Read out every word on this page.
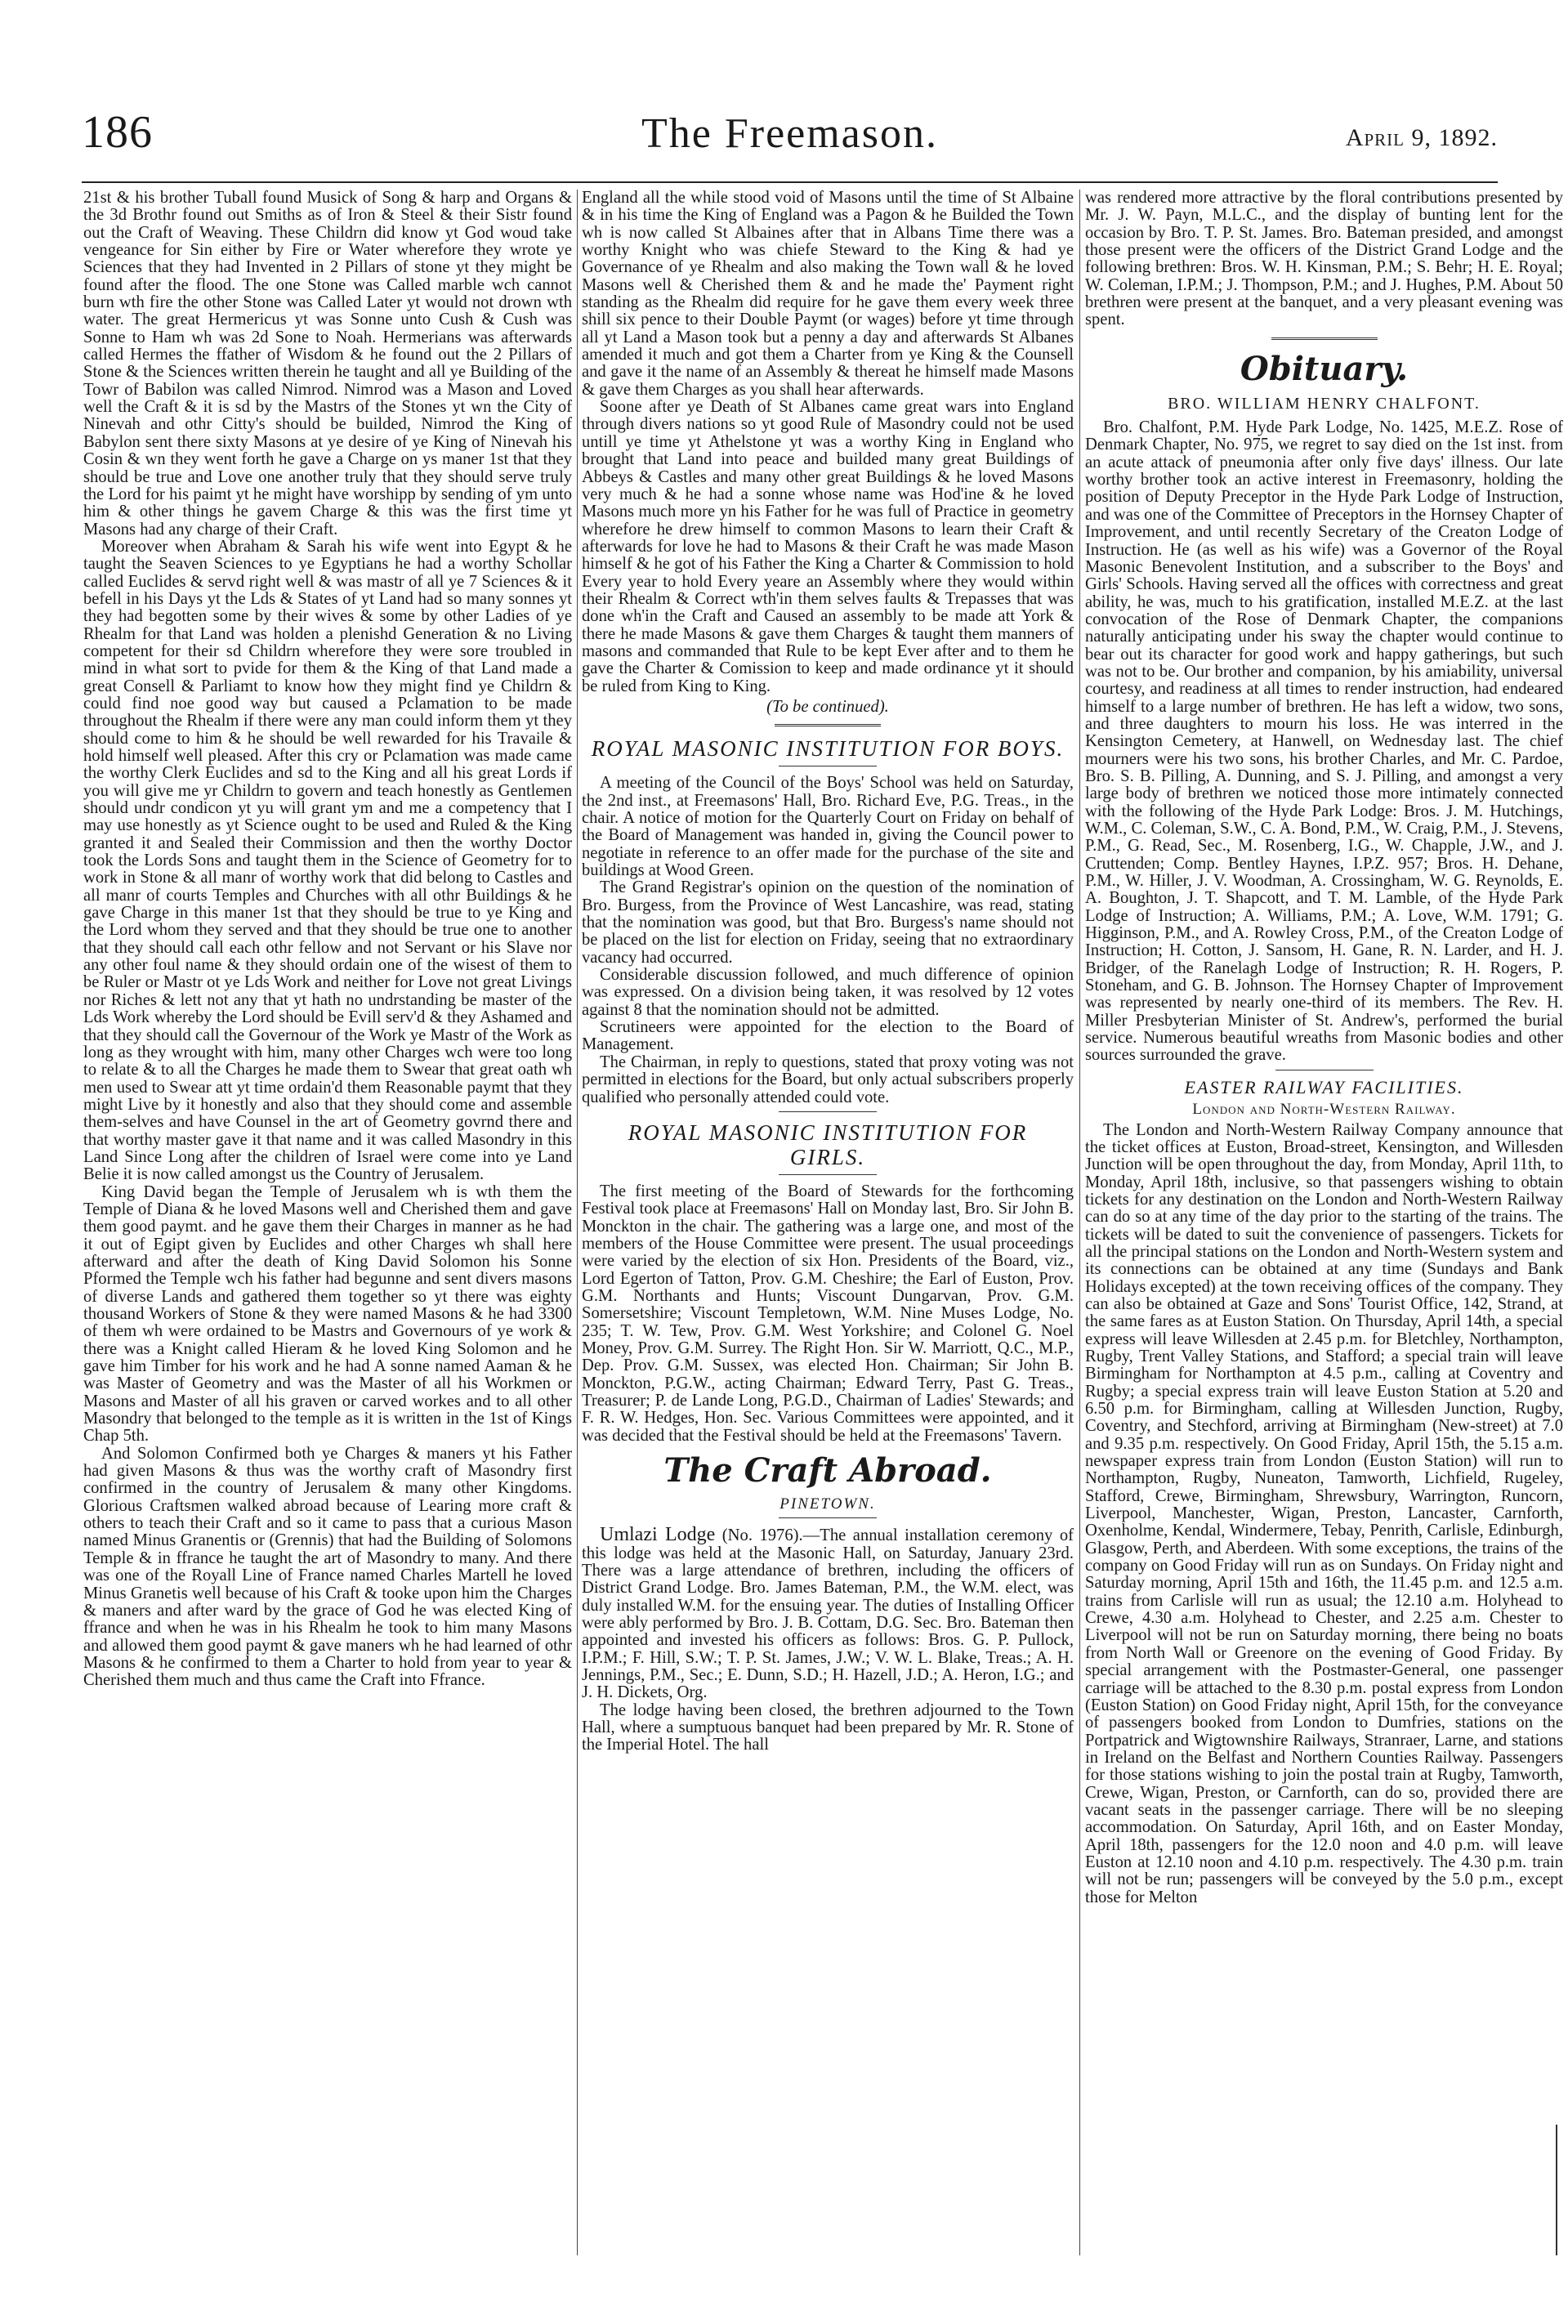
186	The Freemason.	April 9, 1892.

21st & his brother Tuball found Musick of Song & harp and Organs & the 3d Brothr found out Smiths as of Iron & Steel & their Sistr found out the Craft of Weaving. These Childrn did know yt God woud take vengeance for Sin either by Fire or Water wherefore they wrote ye Sciences that they had Invented in 2 Pillars of stone yt they might be found after the flood. The one Stone was Called marble wch cannot burn wth fire the other Stone was Called Later yt would not drown wth water. The great Hermericus yt was Sonne unto Cush & Cush was Sonne to Ham wh was 2d Sone to Noah. Hermerians was afterwards called Hermes the ffather of Wisdom & he found out the 2 Pillars of Stone & the Sciences written therein he taught and all ye Building of the Towr of Babilon was called Nimrod. Nimrod was a Mason and Loved well the Craft & it is sd by the Mastrs of the Stones yt wn the City of Ninevah and othr Citty's should be builded, Nimrod the King of Babylon sent there sixty Masons at ye desire of ye King of Ninevah his Cosin & wn they went forth he gave a Charge on ys maner 1st that they should be true and Love one another truly that they should serve truly the Lord for his paimt yt he might have worshipp by sending of ym unto him & other things he gavem Charge & this was the first time yt Masons had any charge of their Craft.

Moreover when Abraham & Sarah his wife went into Egypt & he taught the Seaven Sciences to ye Egyptians he had a worthy Schollar called Euclides & servd right well & was mastr of all ye 7 Sciences & it befell in his Days yt the Lds & States of yt Land had so many sonnes yt they had begotten some by their wives & some by other Ladies of ye Rhealm for that Land was holden a plenishd Generation & no Living competent for their sd Childrn wherefore they were sore troubled in mind in what sort to pvide for them & the King of that Land made a great Consell & Parliamt to know how they might find ye Childrn & could find noe good way but caused a Pclamation to be made throughout the Rhealm if there were any man could inform them yt they should come to him & he should be well rewarded for his Travaile & hold himself well pleased. After this cry or Pclamation was made came the worthy Clerk Euclides and sd to the King and all his great Lords if you will give me yr Childrn to govern and teach honestly as Gentlemen should undr condicon yt yu will grant ym and me a competency that I may use honestly as yt Science ought to be used and Ruled & the King granted it and Sealed their Commission and then the worthy Doctor took the Lords Sons and taught them in the Science of Geometry for to work in Stone & all manr of worthy work that did belong to Castles and all manr of courts Temples and Churches with all othr Buildings & he gave Charge in this maner 1st that they should be true to ye King and the Lord whom they served and that they should be true one to another that they should call each othr fellow and not Servant or his Slave nor any other foul name & they should ordain one of the wisest of them to be Ruler or Mastr ot ye Lds Work and neither for Love not great Livings nor Riches & lett not any that yt hath no undrstanding be master of the Lds Work whereby the Lord should be Evill serv'd & they Ashamed and that they should call the Governour of the Work ye Mastr of the Work as long as they wrought with him, many other Charges wch were too long to relate & to all the Charges he made them to Swear that great oath wh men used to Swear att yt time ordain'd them Reasonable paymt that they might Live by it honestly and also that they should come and assemble them-selves and have Counsel in the art of Geometry govrnd there and that worthy master gave it that name and it was called Masondry in this Land Since Long after the children of Israel were come into ye Land Belie it is now called amongst us the Country of Jerusalem.

King David began the Temple of Jerusalem wh is wth them the Temple of Diana & he loved Masons well and Cherished them and gave them good paymt. and he gave them their Charges in manner as he had it out of Egipt given by Euclides and other Charges wh shall here afterward and after the death of King David Solomon his Sonne Pformed the Temple wch his father had begunne and sent divers masons of diverse Lands and gathered them together so yt there was eighty thousand Workers of Stone & they were named Masons & he had 3300 of them wh were ordained to be Mastrs and Governours of ye work & there was a Knight called Hieram & he loved King Solomon and he gave him Timber for his work and he had A sonne named Aaman & he was Master of Geometry and was the Master of all his Workmen or Masons and Master of all his graven or carved workes and to all other Masondry that belonged to the temple as it is written in the 1st of Kings Chap 5th.

And Solomon Confirmed both ye Charges & maners yt his Father had given Masons & thus was the worthy craft of Masondry first confirmed in the country of Jerusalem & many other Kingdoms. Glorious Craftsmen walked abroad because of Learing more craft & others to teach their Craft and so it came to pass that a curious Mason named Minus Granentis or (Grennis) that had the Building of Solomons Temple & in ffrance he taught the art of Masondry to many. And there was one of the Royall Line of France named Charles Martell he loved Minus Granetis well because of his Craft & tooke upon him the Charges & maners and after ward by the grace of God he was elected King of ffrance and when he was in his Rhealm he took to him many Masons and allowed them good paymt & gave maners wh he had learned of othr Masons & he confirmed to them a Charter to hold from year to year & Cherished them much and thus came the Craft into Ffrance.

England all the while stood void of Masons until the time of St Albaine & in his time the King of England was a Pagon & he Builded the Town wh is now called St Albaines after that in Albans Time there was a worthy Knight who was chiefe Steward to the King & had ye Governance of ye Rhealm and also making the Town wall & he loved Masons well & Cherished them & and he made the' Payment right standing as the Rhealm did require for he gave them every week three shill six pence to their Double Paymt (or wages) before yt time through all yt Land a Mason took but a penny a day and afterwards St Albanes amended it much and got them a Charter from ye King & the Counsell and gave it the name of an Assembly & thereat he himself made Masons & gave them Charges as you shall hear afterwards.

Soone after ye Death of St Albanes came great wars into England through divers nations so yt good Rule of Masondry could not be used untill ye time yt Athelstone yt was a worthy King in England who brought that Land into peace and builded many great Buildings of Abbeys & Castles and many other great Buildings & he loved Masons very much & he had a sonne whose name was Hod'ine & he loved Masons much more yn his Father for he was full of Practice in geometry wherefore he drew himself to common Masons to learn their Craft & afterwards for love he had to Masons & their Craft he was made Mason himself & he got of his Father the King a Charter & Commission to hold Every year to hold Every yeare an Assembly where they would within their Rhealm & Correct wth'in them selves faults & Trepasses that was done wh'in the Craft and Caused an assembly to be made att York & there he made Masons & gave them Charges & taught them manners of masons and commanded that Rule to be kept Ever after and to them he gave the Charter & Comission to keep and made ordinance yt it should be ruled from King to King.

(To be continued).
ROYAL MASONIC INSTITUTION FOR BOYS.

A meeting of the Council of the Boys' School was held on Saturday, the 2nd inst., at Freemasons' Hall, Bro. Richard Eve, P.G. Treas., in the chair. A notice of motion for the Quarterly Court on Friday on behalf of the Board of Management was handed in, giving the Council power to negotiate in reference to an offer made for the purchase of the site and buildings at Wood Green.

The Grand Registrar's opinion on the question of the nomination of Bro. Burgess, from the Province of West Lancashire, was read, stating that the nomination was good, but that Bro. Burgess's name should not be placed on the list for election on Friday, seeing that no extraordinary vacancy had occurred.

Considerable discussion followed, and much difference of opinion was expressed. On a division being taken, it was resolved by 12 votes against 8 that the nomination should not be admitted.

Scrutineers were appointed for the election to the Board of Management.

The Chairman, in reply to questions, stated that proxy voting was not permitted in elections for the Board, but only actual subscribers properly qualified who personally attended could vote.

ROYAL MASONIC INSTITUTION FOR GIRLS.

The first meeting of the Board of Stewards for the forthcoming Festival took place at Freemasons' Hall on Monday last, Bro. Sir John B. Monckton in the chair. The gathering was a large one, and most of the members of the House Committee were present. The usual proceedings were varied by the election of six Hon. Presidents of the Board, viz., Lord Egerton of Tatton, Prov. G.M. Cheshire; the Earl of Euston, Prov. G.M. Northants and Hunts; Viscount Dungarvan, Prov. G.M. Somersetshire; Viscount Templetown, W.M. Nine Muses Lodge, No. 235; T. W. Tew, Prov. G.M. West Yorkshire; and Colonel G. Noel Money, Prov. G.M. Surrey. The Right Hon. Sir W. Marriott, Q.C., M.P., Dep. Prov. G.M. Sussex, was elected Hon. Chairman; Sir John B. Monckton, P.G.W., acting Chairman; Edward Terry, Past G. Treas., Treasurer; P. de Lande Long, P.G.D., Chairman of Ladies' Stewards; and F. R. W. Hedges, Hon. Sec. Various Committees were appointed, and it was decided that the Festival should be held at the Freemasons' Tavern.

The Craft Abroad.
PINETOWN.

Umlazi Lodge (No. 1976).—The annual installation ceremony of this lodge was held at the Masonic Hall, on Saturday, January 23rd. There was a large attendance of brethren, including the officers of District Grand Lodge. Bro. James Bateman, P.M., the W.M. elect, was duly installed W.M. for the ensuing year. The duties of Installing Officer were ably performed by Bro. J. B. Cottam, D.G. Sec. Bro. Bateman then appointed and invested his officers as follows: Bros. G. P. Pullock, I.P.M.; F. Hill, S.W.; T. P. St. James, J.W.; V. W. L. Blake, Treas.; A. H. Jennings, P.M., Sec.; E. Dunn, S.D.; H. Hazell, J.D.; A. Heron, I.G.; and J. H. Dickets, Org.

The lodge having been closed, the brethren adjourned to the Town Hall, where a sumptuous banquet had been prepared by Mr. R. Stone of the Imperial Hotel. The hall

was rendered more attractive by the floral contributions presented by Mr. J. W. Payn, M.L.C., and the display of bunting lent for the occasion by Bro. T. P. St. James. Bro. Bateman presided, and amongst those present were the officers of the District Grand Lodge and the following brethren: Bros. W. H. Kinsman, P.M.; S. Behr; H. E. Royal; W. Coleman, I.P.M.; J. Thompson, P.M.; and J. Hughes, P.M. About 50 brethren were present at the banquet, and a very pleasant evening was spent.

Obituary.
BRO. WILLIAM HENRY CHALFONT.

Bro. Chalfont, P.M. Hyde Park Lodge, No. 1425, M.E.Z. Rose of Denmark Chapter, No. 975, we regret to say died on the 1st inst. from an acute attack of pneumonia after only five days' illness. Our late worthy brother took an active interest in Freemasonry, holding the position of Deputy Preceptor in the Hyde Park Lodge of Instruction, and was one of the Committee of Preceptors in the Hornsey Chapter of Improvement, and until recently Secretary of the Creaton Lodge of Instruction. He (as well as his wife) was a Governor of the Royal Masonic Benevolent Institution, and a subscriber to the Boys' and Girls' Schools. Having served all the offices with correctness and great ability, he was, much to his gratification, installed M.E.Z. at the last convocation of the Rose of Denmark Chapter, the companions naturally anticipating under his sway the chapter would continue to bear out its character for good work and happy gatherings, but such was not to be. Our brother and companion, by his amiability, universal courtesy, and readiness at all times to render instruction, had endeared himself to a large number of brethren. He has left a widow, two sons, and three daughters to mourn his loss. He was interred in the Kensington Cemetery, at Hanwell, on Wednesday last. The chief mourners were his two sons, his brother Charles, and Mr. C. Pardoe, Bro. S. B. Pilling, A. Dunning, and S. J. Pilling, and amongst a very large body of brethren we noticed those more intimately connected with the following of the Hyde Park Lodge: Bros. J. M. Hutchings, W.M., C. Coleman, S.W., C. A. Bond, P.M., W. Craig, P.M., J. Stevens, P.M., G. Read, Sec., M. Rosenberg, I.G., W. Chapple, J.W., and J. Cruttenden; Comp. Bentley Haynes, I.P.Z. 957; Bros. H. Dehane, P.M., W. Hiller, J. V. Woodman, A. Crossingham, W. G. Reynolds, E. A. Boughton, J. T. Shapcott, and T. M. Lamble, of the Hyde Park Lodge of Instruction; A. Williams, P.M.; A. Love, W.M. 1791; G. Higginson, P.M., and A. Rowley Cross, P.M., of the Creaton Lodge of Instruction; H. Cotton, J. Sansom, H. Gane, R. N. Larder, and H. J. Bridger, of the Ranelagh Lodge of Instruction; R. H. Rogers, P. Stoneham, and G. B. Johnson. The Hornsey Chapter of Improvement was represented by nearly one-third of its members. The Rev. H. Miller Presbyterian Minister of St. Andrew's, performed the burial service. Numerous beautiful wreaths from Masonic bodies and other sources surrounded the grave.

EASTER RAILWAY FACILITIES.
London and North-Western Railway.

The London and North-Western Railway Company announce that the ticket offices at Euston, Broad-street, Kensington, and Willesden Junction will be open throughout the day, from Monday, April 11th, to Monday, April 18th, inclusive, so that passengers wishing to obtain tickets for any destination on the London and North-Western Railway can do so at any time of the day prior to the starting of the trains. The tickets will be dated to suit the convenience of passengers. Tickets for all the principal stations on the London and North-Western system and its connections can be obtained at any time (Sundays and Bank Holidays excepted) at the town receiving offices of the company. They can also be obtained at Gaze and Sons' Tourist Office, 142, Strand, at the same fares as at Euston Station. On Thursday, April 14th, a special express will leave Willesden at 2.45 p.m. for Bletchley, Northampton, Rugby, Trent Valley Stations, and Stafford; a special train will leave Birmingham for Northampton at 4.5 p.m., calling at Coventry and Rugby; a special express train will leave Euston Station at 5.20 and 6.50 p.m. for Birmingham, calling at Willesden Junction, Rugby, Coventry, and Stechford, arriving at Birmingham (New-street) at 7.0 and 9.35 p.m. respectively. On Good Friday, April 15th, the 5.15 a.m. newspaper express train from London (Euston Station) will run to Northampton, Rugby, Nuneaton, Tamworth, Lichfield, Rugeley, Stafford, Crewe, Birmingham, Shrewsbury, Warrington, Runcorn, Liverpool, Manchester, Wigan, Preston, Lancaster, Carnforth, Oxenholme, Kendal, Windermere, Tebay, Penrith, Carlisle, Edinburgh, Glasgow, Perth, and Aberdeen. With some exceptions, the trains of the company on Good Friday will run as on Sundays. On Friday night and Saturday morning, April 15th and 16th, the 11.45 p.m. and 12.5 a.m. trains from Carlisle will run as usual; the 12.10 a.m. Holyhead to Crewe, 4.30 a.m. Holyhead to Chester, and 2.25 a.m. Chester to Liverpool will not be run on Saturday morning, there being no boats from North Wall or Greenore on the evening of Good Friday. By special arrangement with the Postmaster-General, one passenger carriage will be attached to the 8.30 p.m. postal express from London (Euston Station) on Good Friday night, April 15th, for the conveyance of passengers booked from London to Dumfries, stations on the Portpatrick and Wigtownshire Railways, Stranraer, Larne, and stations in Ireland on the Belfast and Northern Counties Railway. Passengers for those stations wishing to join the postal train at Rugby, Tamworth, Crewe, Wigan, Preston, or Carnforth, can do so, provided there are vacant seats in the passenger carriage. There will be no sleeping accommodation. On Saturday, April 16th, and on Easter Monday, April 18th, passengers for the 12.0 noon and 4.0 p.m. will leave Euston at 12.10 noon and 4.10 p.m. respectively. The 4.30 p.m. train will not be run; passengers will be conveyed by the 5.0 p.m., except those for Melton
